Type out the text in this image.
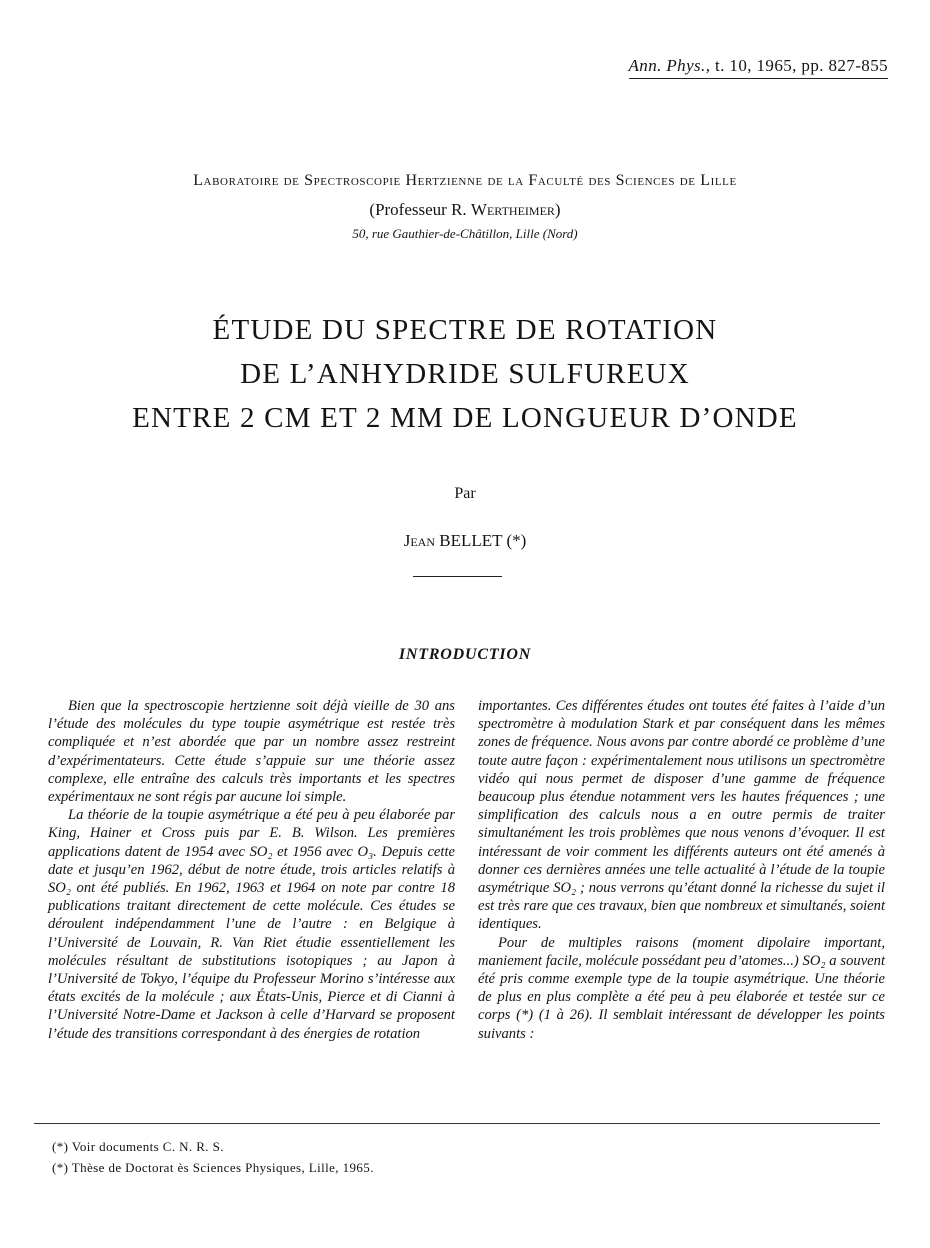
Ann. Phys., t. 10, 1965, pp. 827-855
Laboratoire de Spectroscopie Hertzienne de la Faculté des Sciences de Lille
(Professeur R. Wertheimer)
50, rue Gauthier-de-Châtillon, Lille (Nord)
ÉTUDE DU SPECTRE DE ROTATION
DE L’ANHYDRIDE SULFUREUX
ENTRE 2 CM ET 2 MM DE LONGUEUR D’ONDE
Par
Jean BELLET (*)
INTRODUCTION

Bien que la spectroscopie hertzienne soit déjà vieille de 30 ans l’étude des molécules du type toupie asymétrique est restée très compliquée et n’est abordée que par un nombre assez restreint d’expérimentateurs. Cette étude s’appuie sur une théorie assez complexe, elle entraîne des calculs très importants et les spectres expérimentaux ne sont régis par aucune loi simple.

La théorie de la toupie asymétrique a été peu à peu élaborée par King, Hainer et Cross puis par E. B. Wilson. Les premières applications datent de 1954 avec SO₂ et 1956 avec O₃. Depuis cette date et jusqu’en 1962, début de notre étude, trois articles relatifs à SO₂ ont été publiés. En 1962, 1963 et 1964 on note par contre 18 publications traitant directement de cette molécule. Ces études se déroulent indépendamment l’une de l’autre : en Belgique à l’Université de Louvain, R. Van Riet étudie essentiellement les molécules résultant de substitutions isotopiques ; au Japon à l’Université de Tokyo, l’équipe du Professeur Morino s’intéresse aux états excités de la molécule ; aux États-Unis, Pierce et di Cianni à l’Université Notre-Dame et Jackson à celle d’Harvard se proposent l’étude des transitions correspondant à des énergies de rotation

importantes. Ces différentes études ont toutes été faites à l’aide d’un spectromètre à modulation Stark et par conséquent dans les mêmes zones de fréquence. Nous avons par contre abordé ce problème d’une toute autre façon : expérimentalement nous utilisons un spectromètre vidéo qui nous permet de disposer d’une gamme de fréquence beaucoup plus étendue notamment vers les hautes fréquences ; une simplification des calculs nous a en outre permis de traiter simultanément les trois problèmes que nous venons d’évoquer. Il est intéressant de voir comment les différents auteurs ont été amenés à donner ces dernières années une telle actualité à l’étude de la toupie asymétrique SO₂ ; nous verrons qu’étant donné la richesse du sujet il est très rare que ces travaux, bien que nombreux et simultanés, soient identiques.

Pour de multiples raisons (moment dipolaire important, maniement facile, molécule possédant peu d’atomes...) SO₂ a souvent été pris comme exemple type de la toupie asymétrique. Une théorie de plus en plus complète a été peu à peu élaborée et testée sur ce corps (*) (1 à 26). Il semblait intéressant de développer les points suivants :

(*) Voir documents C. N. R. S.
(*) Thèse de Doctorat ès Sciences Physiques, Lille, 1965.
